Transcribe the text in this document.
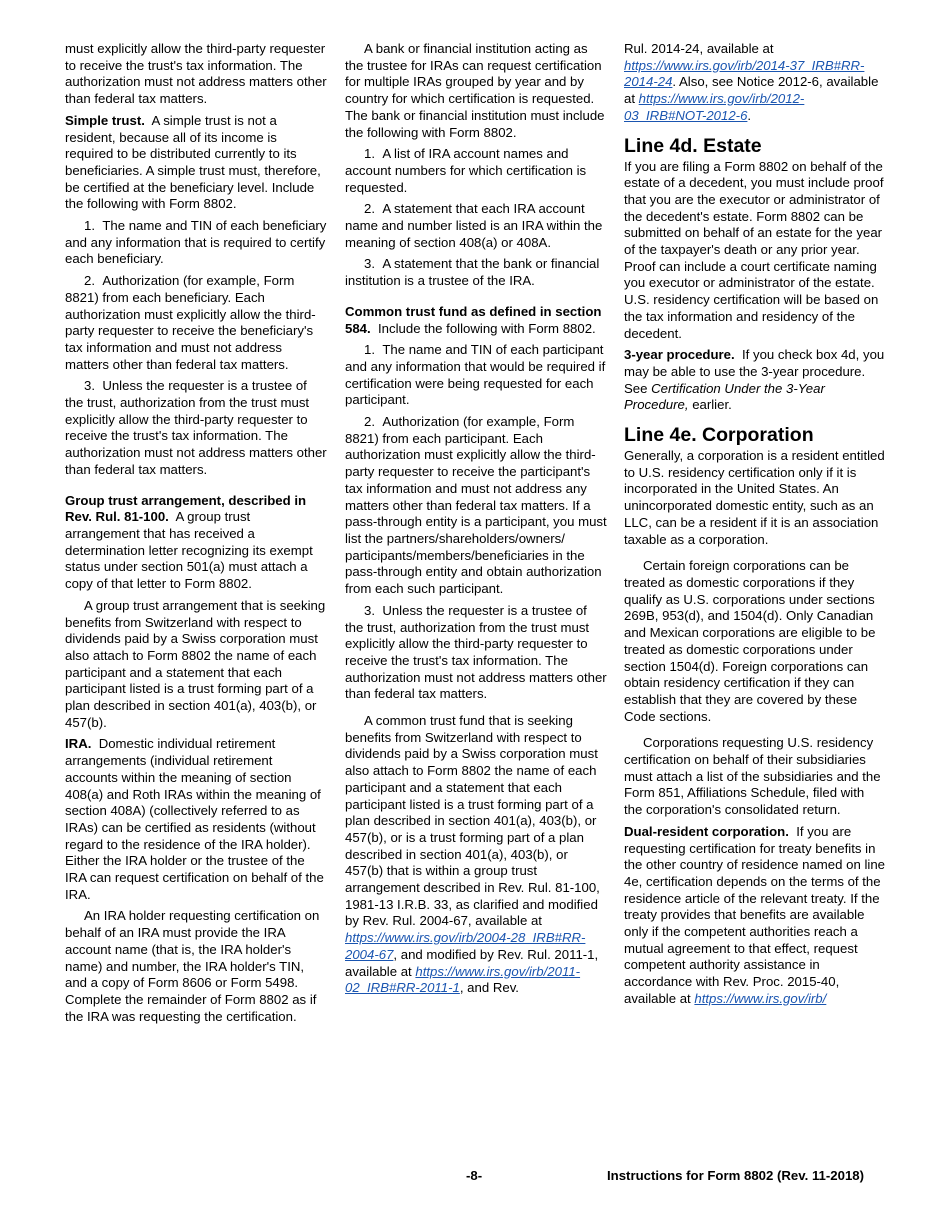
must explicitly allow the third-party requester to receive the trust's tax information. The authorization must not address matters other than federal tax matters.

Simple trust. A simple trust is not a resident, because all of its income is required to be distributed currently to its beneficiaries. A simple trust must, therefore, be certified at the beneficiary level. Include the following with Form 8802.

1.  The name and TIN of each beneficiary and any information that is required to certify each beneficiary.

2.  Authorization (for example, Form 8821) from each beneficiary. Each authorization must explicitly allow the third-party requester to receive the beneficiary's tax information and must not address matters other than federal tax matters.

3.  Unless the requester is a trustee of the trust, authorization from the trust must explicitly allow the third-party requester to receive the trust's tax information. The authorization must not address matters other than federal tax matters.

Group trust arrangement, described in Rev. Rul. 81-100. A group trust arrangement that has received a determination letter recognizing its exempt status under section 501(a) must attach a copy of that letter to Form 8802.

A group trust arrangement that is seeking benefits from Switzerland with respect to dividends paid by a Swiss corporation must also attach to Form 8802 the name of each participant and a statement that each participant listed is a trust forming part of a plan described in section 401(a), 403(b), or 457(b).

IRA. Domestic individual retirement arrangements (individual retirement accounts within the meaning of section 408(a) and Roth IRAs within the meaning of section 408A) (collectively referred to as IRAs) can be certified as residents (without regard to the residence of the IRA holder). Either the IRA holder or the trustee of the IRA can request certification on behalf of the IRA.

An IRA holder requesting certification on behalf of an IRA must provide the IRA account name (that is, the IRA holder's name) and number, the IRA holder's TIN, and a copy of Form 8606 or Form 5498. Complete the remainder of Form 8802 as if the IRA was requesting the certification.

A bank or financial institution acting as the trustee for IRAs can request certification for multiple IRAs grouped by year and by country for which certification is requested. The bank or financial institution must include the following with Form 8802.

1.  A list of IRA account names and account numbers for which certification is requested.

2.  A statement that each IRA account name and number listed is an IRA within the meaning of section 408(a) or 408A.

3.  A statement that the bank or financial institution is a trustee of the IRA.

Common trust fund as defined in section 584. Include the following with Form 8802.

1.  The name and TIN of each participant and any information that would be required if certification were being requested for each participant.

2.  Authorization (for example, Form 8821) from each participant. Each authorization must explicitly allow the third-party requester to receive the participant's tax information and must not address any matters other than federal tax matters. If a pass-through entity is a participant, you must list the partners/shareholders/owners/ participants/members/beneficiaries in the pass-through entity and obtain authorization from each such participant.

3.  Unless the requester is a trustee of the trust, authorization from the trust must explicitly allow the third-party requester to receive the trust's tax information. The authorization must not address matters other than federal tax matters.

A common trust fund that is seeking benefits from Switzerland with respect to dividends paid by a Swiss corporation must also attach to Form 8802 the name of each participant and a statement that each participant listed is a trust forming part of a plan described in section 401(a), 403(b), or 457(b), or is a trust forming part of a plan described in section 401(a), 403(b), or 457(b) that is within a group trust arrangement described in Rev. Rul. 81-100, 1981-13 I.R.B. 33, as clarified and modified by Rev. Rul. 2004-67, available at https://www.irs.gov/irb/2004-28_IRB#RR-2004-67, and modified by Rev. Rul. 2011-1, available at https://www.irs.gov/irb/2011-02_IRB#RR-2011-1, and Rev.

Rul. 2014-24, available at https://www.irs.gov/irb/2014-37_IRB#RR-2014-24. Also, see Notice 2012-6, available at https://www.irs.gov/irb/2012-03_IRB#NOT-2012-6.

Line 4d. Estate

If you are filing a Form 8802 on behalf of the estate of a decedent, you must include proof that you are the executor or administrator of the decedent's estate. Form 8802 can be submitted on behalf of an estate for the year of the taxpayer's death or any prior year. Proof can include a court certificate naming you executor or administrator of the estate. U.S. residency certification will be based on the tax information and residency of the decedent.

3-year procedure. If you check box 4d, you may be able to use the 3-year procedure. See Certification Under the 3-Year Procedure, earlier.

Line 4e. Corporation

Generally, a corporation is a resident entitled to U.S. residency certification only if it is incorporated in the United States. An unincorporated domestic entity, such as an LLC, can be a resident if it is an association taxable as a corporation.

Certain foreign corporations can be treated as domestic corporations if they qualify as U.S. corporations under sections 269B, 953(d), and 1504(d). Only Canadian and Mexican corporations are eligible to be treated as domestic corporations under section 1504(d). Foreign corporations can obtain residency certification if they can establish that they are covered by these Code sections.

Corporations requesting U.S. residency certification on behalf of their subsidiaries must attach a list of the subsidiaries and the Form 851, Affiliations Schedule, filed with the corporation's consolidated return.

Dual-resident corporation. If you are requesting certification for treaty benefits in the other country of residence named on line 4e, certification depends on the terms of the residence article of the relevant treaty. If the treaty provides that benefits are available only if the competent authorities reach a mutual agreement to that effect, request competent authority assistance in accordance with Rev. Proc. 2015-40, available at https://www.irs.gov/irb/

-8-	Instructions for Form 8802 (Rev. 11-2018)
